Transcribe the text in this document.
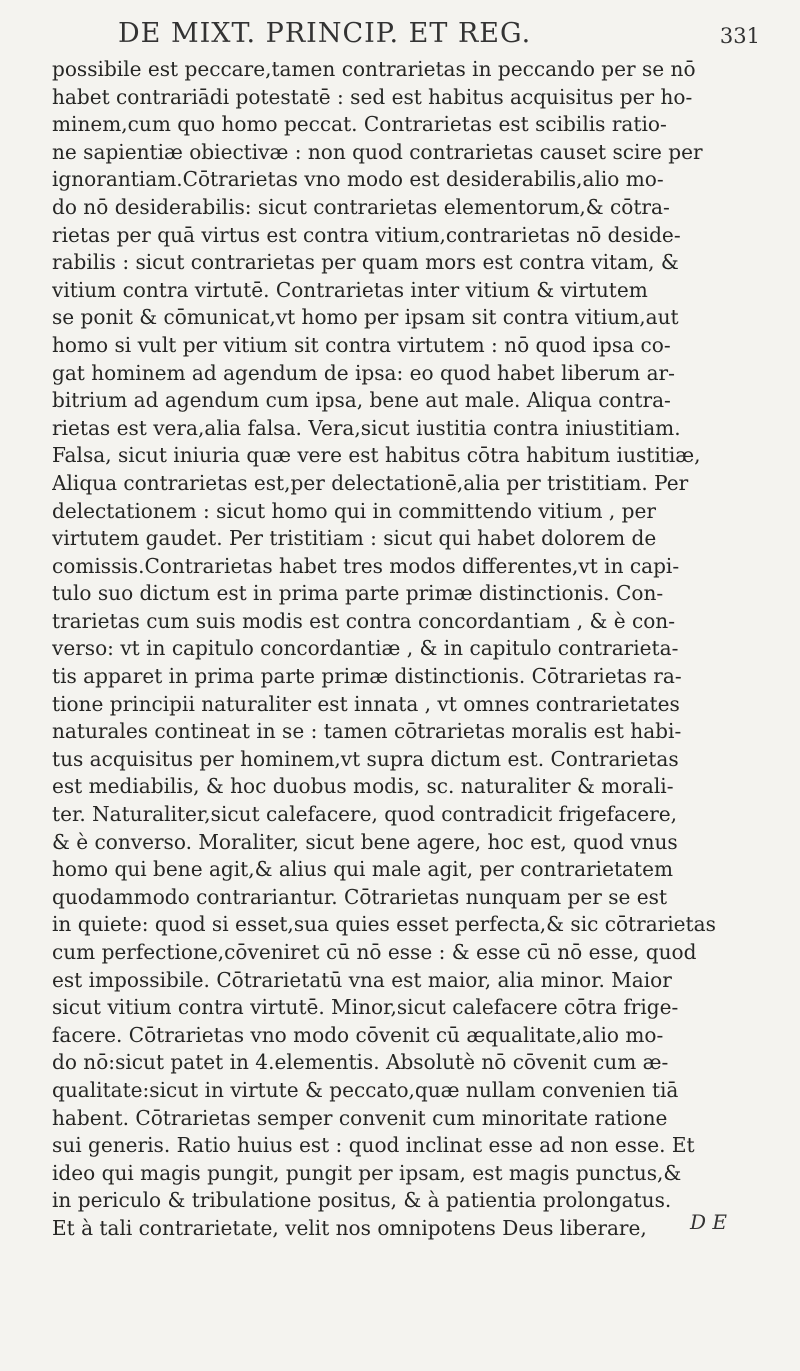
DE MIXT. PRINCIP. ET REG.	331
possibile est peccare,tamen contrarietas in peccando per se nō
habet contrariādi potestatē : sed est habitus acquisitus per ho-
minem,cum quo homo peccat. Contrarietas est scibilis ratio-
ne sapientiæ obiectivæ : non quod contrarietas causet scire per
ignorantiam.Cōtrarietas vno modo est desiderabilis,alio mo-
do nō desiderabilis: sicut contrarietas elementorum,& cōtra-
rietas per quā virtus est contra vitium,contrarietas nō deside-
rabilis : sicut contrarietas per quam mors est contra vitam, &
vitium contra virtutē. Contrarietas inter vitium & virtutem
se ponit & cōmunicat,vt homo per ipsam sit contra vitium,aut
homo si vult per vitium sit contra virtutem : nō quod ipsa co-
gat hominem ad agendum de ipsa: eo quod habet liberum ar-
bitrium ad agendum cum ipsa, bene aut male. Aliqua contra-
rietas est vera,alia falsa. Vera,sicut iustitia contra iniustitiam.
Falsa, sicut iniuria quæ vere est habitus cōtra habitum iustitiæ,
Aliqua contrarietas est,per delectationē,alia per tristitiam. Per
delectationem : sicut homo qui in committendo vitium , per
virtutem gaudet. Per tristitiam : sicut qui habet dolorem de
comissis.Contrarietas habet tres modos differentes,vt in capi-
tulo suo dictum est in prima parte primæ distinctionis. Con-
trarietas cum suis modis est contra concordantiam , & è con-
verso: vt in capitulo concordantiæ , & in capitulo contrarieta-
tis apparet in prima parte primæ distinctionis. Cōtrarietas ra-
tione principii naturaliter est innata , vt omnes contrarietates
naturales contineat in se : tamen cōtrarietas moralis est habi-
tus acquisitus per hominem,vt supra dictum est. Contrarietas
est mediabilis, & hoc duobus modis, sc. naturaliter & morali-
ter. Naturaliter,sicut calefacere, quod contradicit frigefacere,
& è converso. Moraliter, sicut bene agere, hoc est, quod vnus
homo qui bene agit,& alius qui male agit, per contrarietatem
quodammodo contrariantur. Cōtrarietas nunquam per se est
in quiete: quod si esset,sua quies esset perfecta,& sic cōtrarietas
cum perfectione,cōveniret cū nō esse : & esse cū nō esse, quod
est impossibile. Cōtrarietatū vna est maior, alia minor. Maior
sicut vitium contra virtutē. Minor,sicut calefacere cōtra frige-
facere. Cōtrarietas vno modo cōvenit cū æqualitate,alio mo-
do nō:sicut patet in 4.elementis. Absolutè nō cōvenit cum æ-
qualitate:sicut in virtute & peccato,quæ nullam convenien tiā
habent. Cōtrarietas semper convenit cum minoritate ratione
sui generis. Ratio huius est : quod inclinat esse ad non esse. Et
ideo qui magis pungit, pungit per ipsam, est magis punctus,&
in periculo & tribulatione positus, & à patientia prolongatus.
Et à tali contrarietate, velit nos omnipotens Deus liberare,	D E
